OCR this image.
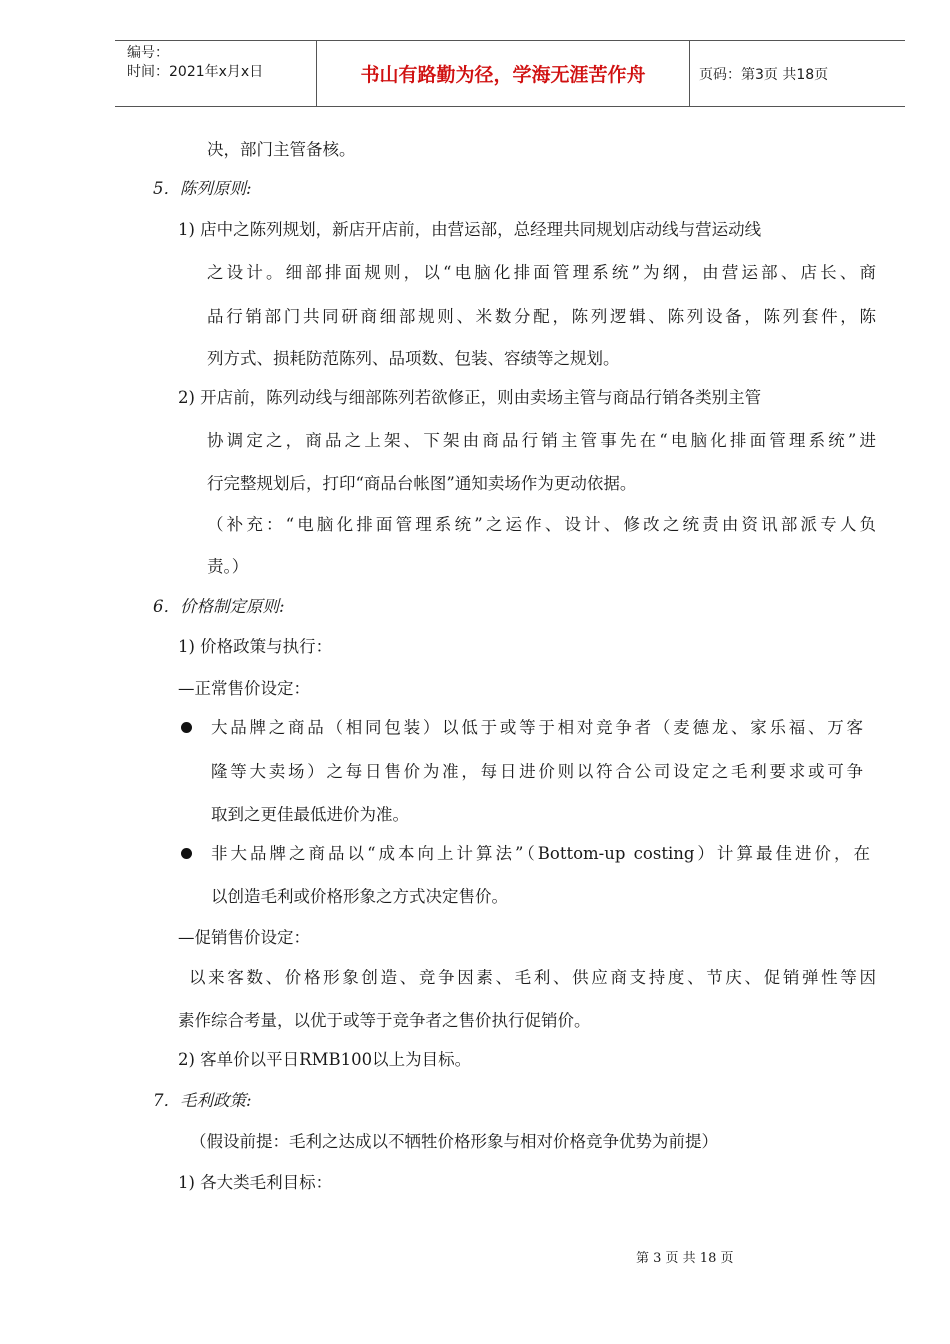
编号：
时间：2021年x月x日	书山有路勤为径，学海无涯苦作舟	页码：第3页 共18页
决，部门主管备核。
5．陈列原则:
1) 店中之陈列规划，新店开店前，由营运部，总经理共同规划店动线与营运动线
之设计。细部排面规则，以“电脑化排面管理系统”为纲，由营运部、店长、商
品行销部门共同研商细部规则、米数分配，陈列逻辑、陈列设备，陈列套件，陈
列方式、损耗防范陈列、品项数、包装、容绩等之规划。
2) 开店前，陈列动线与细部陈列若欲修正，则由卖场主管与商品行销各类别主管
协调定之，商品之上架、下架由商品行销主管事先在“电脑化排面管理系统”进
行完整规划后，打印“商品台帐图”通知卖场作为更动依据。
（补充：“电脑化排面管理系统”之运作、设计、修改之统责由资讯部派专人负
责。）
6．价格制定原则:
1) 价格政策与执行：
—正常售价设定：
大品牌之商品（相同包装）以低于或等于相对竞争者（麦德龙、家乐福、万客
隆等大卖场）之每日售价为准，每日进价则以符合公司设定之毛利要求或可争
取到之更佳最低进价为准。
非大品牌之商品以“成本向上计算法”（Bottom-up costing）计算最佳进价，在
以创造毛利或价格形象之方式决定售价。
—促销售价设定：
以来客数、价格形象创造、竞争因素、毛利、供应商支持度、节庆、促销弹性等因
素作综合考量，以优于或等于竞争者之售价执行促销价。
2) 客单价以平日RMB100以上为目标。
7．毛利政策:
（假设前提：毛利之达成以不牺牲价格形象与相对价格竞争优势为前提）
1) 各大类毛利目标：
第 3 页 共 18 页
